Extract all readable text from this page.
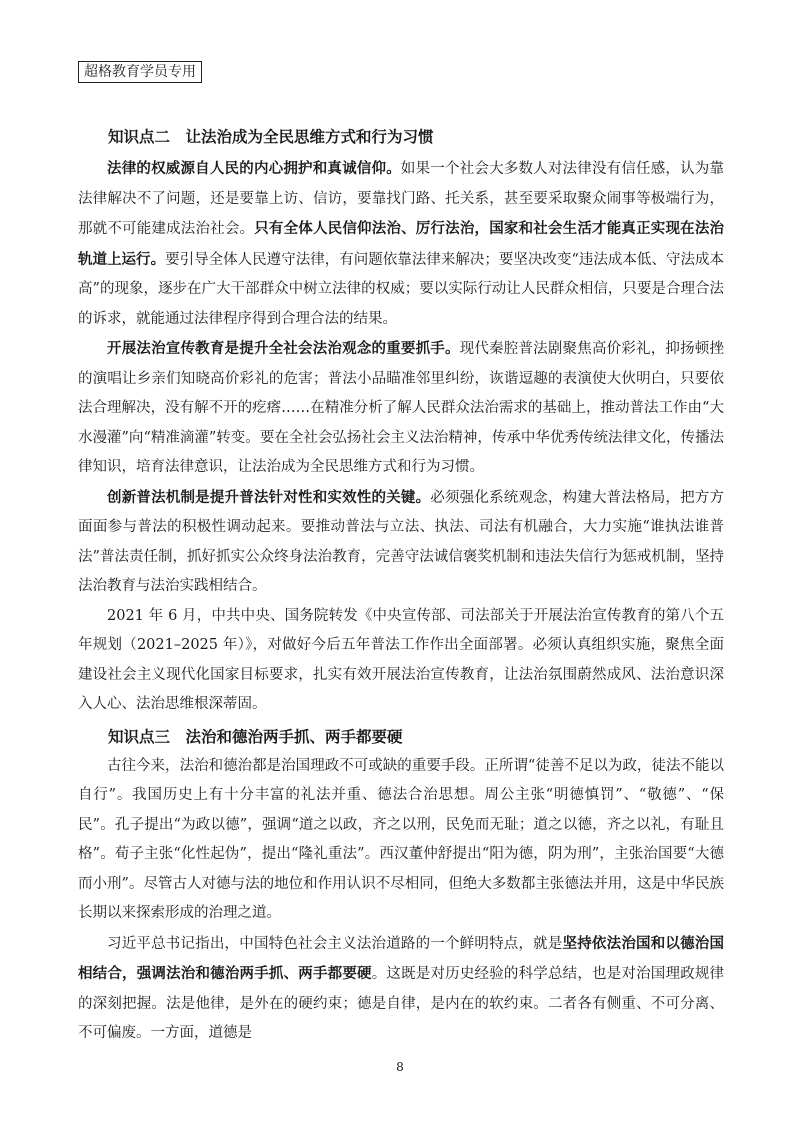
超格教育学员专用
知识点二　让法治成为全民思维方式和行为习惯

法律的权威源自人民的内心拥护和真诚信仰。如果一个社会大多数人对法律没有信任感，认为靠法律解决不了问题，还是要靠上访、信访，要靠找门路、托关系，甚至要采取聚众闹事等极端行为，那就不可能建成法治社会。只有全体人民信仰法治、厉行法治，国家和社会生活才能真正实现在法治轨道上运行。要引导全体人民遵守法律，有问题依靠法律来解决；要坚决改变“违法成本低、守法成本高”的现象，逐步在广大干部群众中树立法律的权威；要以实际行动让人民群众相信，只要是合理合法的诉求，就能通过法律程序得到合理合法的结果。

开展法治宣传教育是提升全社会法治观念的重要抓手。现代秦腔普法剧聚焦高价彩礼，抑扬顿挫的演唱让乡亲们知晓高价彩礼的危害；普法小品瞄准邻里纠纷，诙谐逗趣的表演使大伙明白，只要依法合理解决，没有解不开的疙瘩……在精准分析了解人民群众法治需求的基础上，推动普法工作由“大水漫灌”向“精准滴灌”转变。要在全社会弘扬社会主义法治精神，传承中华优秀传统法律文化，传播法律知识，培育法律意识，让法治成为全民思维方式和行为习惯。

创新普法机制是提升普法针对性和实效性的关键。必须强化系统观念，构建大普法格局，把方方面面参与普法的积极性调动起来。要推动普法与立法、执法、司法有机融合，大力实施“谁执法谁普法”普法责任制，抓好抓实公众终身法治教育，完善守法诚信褒奖机制和违法失信行为惩戒机制，坚持法治教育与法治实践相结合。

2021 年 6 月，中共中央、国务院转发《中央宣传部、司法部关于开展法治宣传教育的第八个五年规划（2021–2025 年）》，对做好今后五年普法工作作出全面部署。必须认真组织实施，聚焦全面建设社会主义现代化国家目标要求，扎实有效开展法治宣传教育，让法治氛围蔚然成风、法治意识深入人心、法治思维根深蒂固。

知识点三　法治和德治两手抓、两手都要硬

古往今来，法治和德治都是治国理政不可或缺的重要手段。正所谓“徒善不足以为政，徒法不能以自行”。我国历史上有十分丰富的礼法并重、德法合治思想。周公主张“明德慎罚”、“敬德”、“保民”。孔子提出“为政以德”，强调“道之以政，齐之以刑，民免而无耻；道之以德，齐之以礼，有耻且格”。荀子主张“化性起伪”，提出“隆礼重法”。西汉董仲舒提出“阳为德，阴为刑”，主张治国要“大德而小刑”。尽管古人对德与法的地位和作用认识不尽相同，但绝大多数都主张德法并用，这是中华民族长期以来探索形成的治理之道。

习近平总书记指出，中国特色社会主义法治道路的一个鲜明特点，就是坚持依法治国和以德治国相结合，强调法治和德治两手抓、两手都要硬。这既是对历史经验的科学总结，也是对治国理政规律的深刻把握。法是他律，是外在的硬约束；德是自律，是内在的软约束。二者各有侧重、不可分离、不可偏废。一方面，道德是

8
